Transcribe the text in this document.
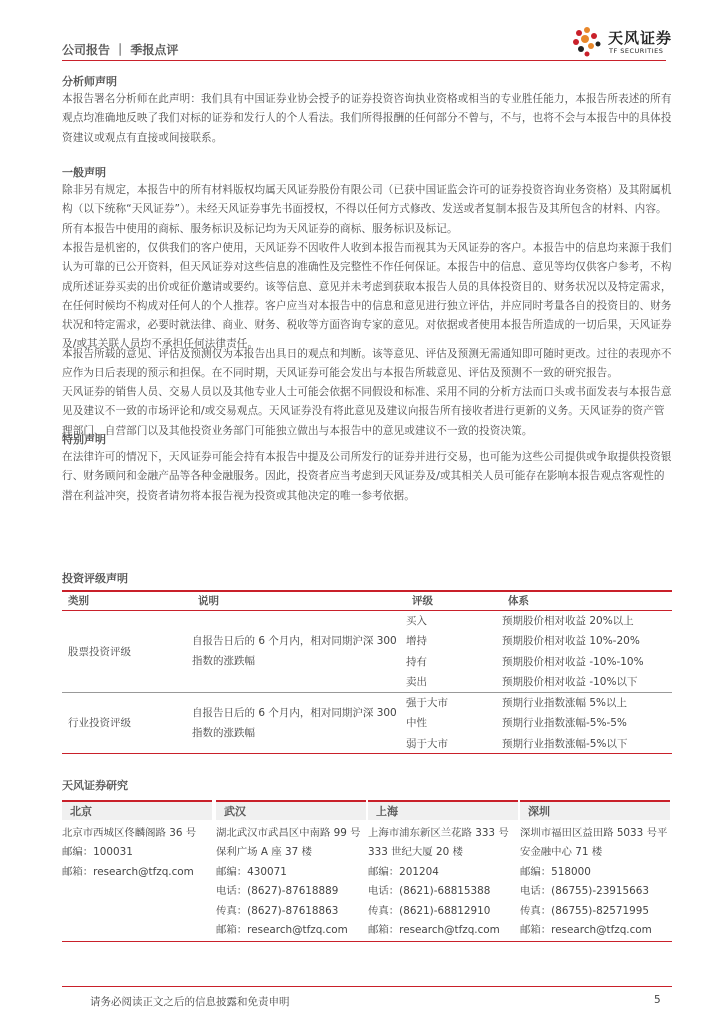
公司报告 ｜ 季报点评
天风证券
TF SECURITIES
分析师声明
本报告署名分析师在此声明：我们具有中国证券业协会授予的证券投资咨询执业资格或相当的专业胜任能力，本报告所表述的所有观点均准确地反映了我们对标的证券和发行人的个人看法。我们所得报酬的任何部分不曾与，不与，也将不会与本报告中的具体投资建议或观点有直接或间接联系。
一般声明
除非另有规定，本报告中的所有材料版权均属天风证券股份有限公司（已获中国证监会许可的证券投资咨询业务资格）及其附属机构（以下统称“天风证券”）。未经天风证券事先书面授权，不得以任何方式修改、发送或者复制本报告及其所包含的材料、内容。所有本报告中使用的商标、服务标识及标记均为天风证券的商标、服务标识及标记。
本报告是机密的，仅供我们的客户使用，天风证券不因收件人收到本报告而视其为天风证券的客户。本报告中的信息均来源于我们认为可靠的已公开资料，但天风证券对这些信息的准确性及完整性不作任何保证。本报告中的信息、意见等均仅供客户参考，不构成所述证券买卖的出价或征价邀请或要约。该等信息、意见并未考虑到获取本报告人员的具体投资目的、财务状况以及特定需求，在任何时候均不构成对任何人的个人推荐。客户应当对本报告中的信息和意见进行独立评估，并应同时考量各自的投资目的、财务状况和特定需求，必要时就法律、商业、财务、税收等方面咨询专家的意见。对依据或者使用本报告所造成的一切后果，天风证券及/或其关联人员均不承担任何法律责任。
本报告所载的意见、评估及预测仅为本报告出具日的观点和判断。该等意见、评估及预测无需通知即可随时更改。过往的表现亦不应作为日后表现的预示和担保。在不同时期，天风证券可能会发出与本报告所载意见、评估及预测不一致的研究报告。
天风证券的销售人员、交易人员以及其他专业人士可能会依据不同假设和标准、采用不同的分析方法而口头或书面发表与本报告意见及建议不一致的市场评论和/或交易观点。天风证券没有将此意见及建议向报告所有接收者进行更新的义务。天风证券的资产管理部门、自营部门以及其他投资业务部门可能独立做出与本报告中的意见或建议不一致的投资决策。
特别声明
在法律许可的情况下，天风证券可能会持有本报告中提及公司所发行的证券并进行交易，也可能为这些公司提供或争取提供投资银行、财务顾问和金融产品等各种金融服务。因此，投资者应当考虑到天风证券及/或其相关人员可能存在影响本报告观点客观性的潜在利益冲突，投资者请勿将本报告视为投资或其他决定的唯一参考依据。
投资评级声明
类别	说明	评级	体系
股票投资评级	自报告日后的 6 个月内，相对同期沪深 300 指数的涨跌幅	买入	预期股价相对收益 20%以上
		增持	预期股价相对收益 10%-20%
		持有	预期股价相对收益 -10%-10%
		卖出	预期股价相对收益 -10%以下
行业投资评级	自报告日后的 6 个月内，相对同期沪深 300 指数的涨跌幅	强于大市	预期行业指数涨幅 5%以上
		中性	预期行业指数涨幅-5%-5%
		弱于大市	预期行业指数涨幅-5%以下
天风证券研究
北京
北京市西城区佟麟阁路 36 号
邮编：100031
邮箱：research@tfzq.com
武汉
湖北武汉市武昌区中南路 99 号保利广场 A 座 37 楼
邮编：430071
电话：(8627)-87618889
传真：(8627)-87618863
邮箱：research@tfzq.com
上海
上海市浦东新区兰花路 333 号 333 世纪大厦 20 楼
邮编：201204
电话：(8621)-68815388
传真：(8621)-68812910
邮箱：research@tfzq.com
深圳
深圳市福田区益田路 5033 号平安金融中心 71 楼
邮编：518000
电话：(86755)-23915663
传真：(86755)-82571995
邮箱：research@tfzq.com
请务必阅读正文之后的信息披露和免责申明	5
